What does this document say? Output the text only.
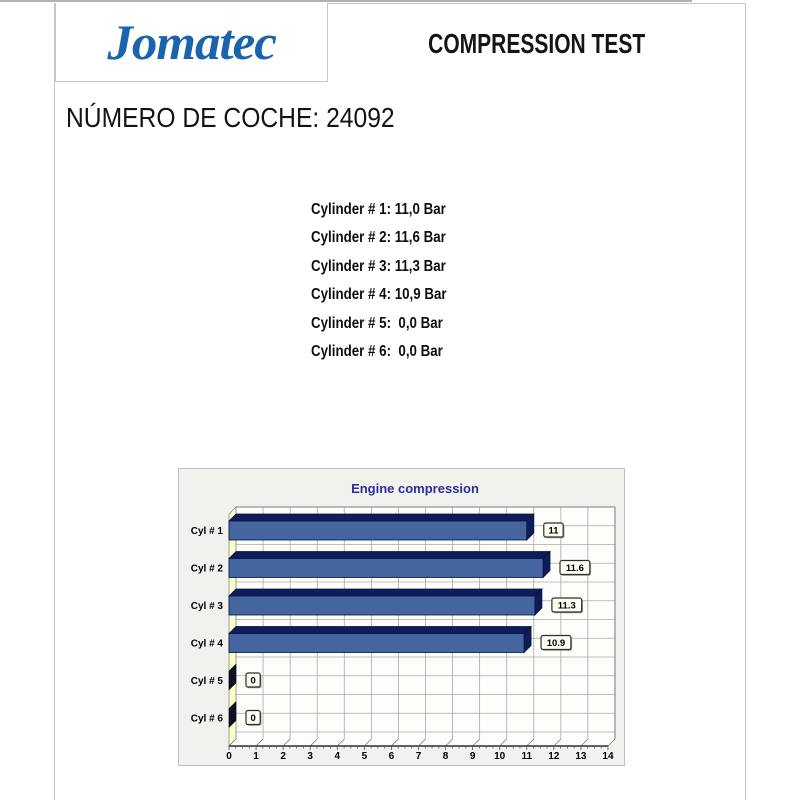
Jomatec	COMPRESSION TEST
NÚMERO DE COCHE: 24092
Cylinder # 1: 11,0 Bar
Cylinder # 2: 11,6 Bar
Cylinder # 3: 11,3 Bar
Cylinder # 4: 10,9 Bar
Cylinder # 5:  0,0 Bar
Cylinder # 6:  0,0 Bar
Cyl # 1	11
Cyl # 2	11.6
Cyl # 3	11.3
Cyl # 4	10.9
Cyl # 5	0
Cyl # 6	0
0 1 2 3 4 5 6 7 8 9 10 11 12 13 14
Engine compression
